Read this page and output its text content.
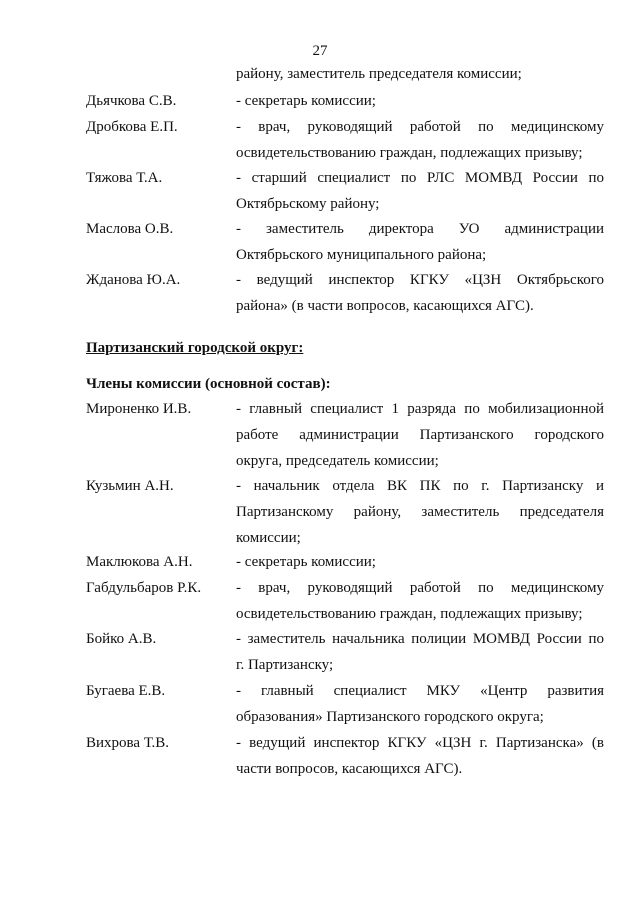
27
району, заместитель председателя комиссии;
Дьячкова С.В.	- секретарь комиссии;
Дробкова Е.П.	- врач, руководящий работой по медицинскому
освидетельствованию граждан, подлежащих призыву;
Тяжова Т.А.	- старший специалист по РЛС МОМВД России по
Октябрьскому району;
Маслова О.В.	- заместитель директора УО администрации
Октябрьского муниципального района;
Жданова Ю.А.	- ведущий инспектор КГКУ «ЦЗН Октябрьского
района» (в части вопросов, касающихся АГС).
Партизанский городской округ:
Члены комиссии (основной состав):
Мироненко И.В.	- главный специалист 1 разряда по мобилизационной
работе администрации Партизанского городского
округа, председатель комиссии;
Кузьмин А.Н.	- начальник отдела ВК ПК по г. Партизанску и
Партизанскому району, заместитель председателя
комиссии;
Маклюкова А.Н.	- секретарь комиссии;
Габдульбаров Р.К. - врач, руководящий работой по медицинскому
освидетельствованию граждан, подлежащих призыву;
Бойко А.В.	- заместитель начальника полиции МОМВД России по
г. Партизанску;
Бугаева Е.В.	- главный специалист МКУ «Центр развития
образования» Партизанского городского округа;
Вихрова Т.В.	- ведущий инспектор КГКУ «ЦЗН г. Партизанска» (в
части вопросов, касающихся АГС).
